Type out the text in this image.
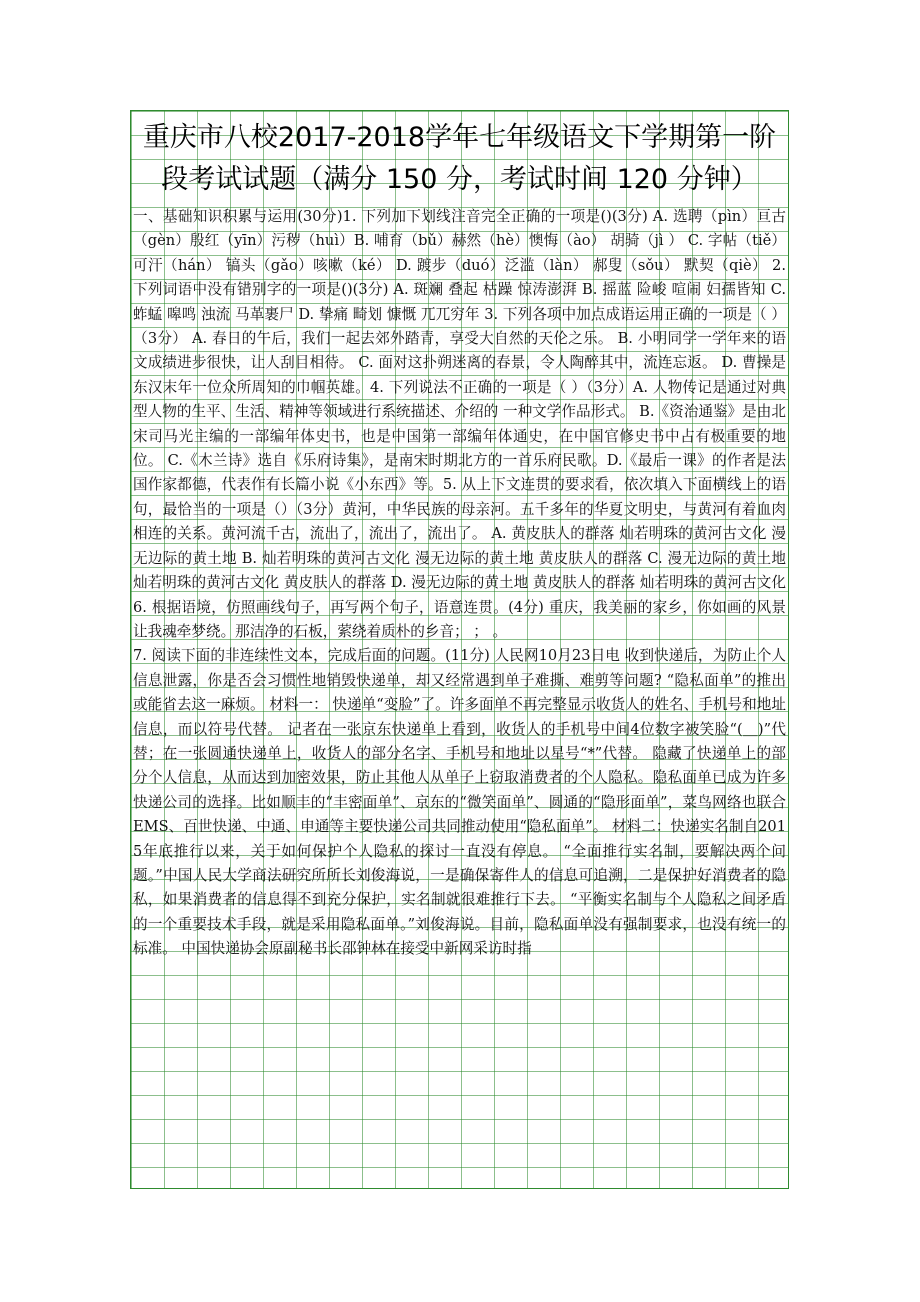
重庆市八校2017-2018学年七年级语文下学期第一阶段考试试题（满分 150 分，考试时间 120 分钟）

一、基础知识积累与运用(30分)1. 下列加下划线注音完全正确的一项是()(3分) A. 选聘（pìn）亘古（gèn）殷红（yīn）污秽（huì）B. 哺育（bǔ）赫然（hè）懊悔（ào） 胡骑（jì ） C. 字帖（tiě）可汗（hán） 镐头（gǎo）咳嗽（ké） D. 踱步（duó）泛滥（làn） 郝叟（sǒu） 默契（qiè） 2. 下列词语中没有错别字的一项是()(3分) A. 斑斓 叠起 枯躁 惊涛澎湃 B. 摇蓝 险峻 喧闹 妇孺皆知 C. 蚱蜢 嗥鸣 浊流 马革裹尸 D. 挚痛 畸划 慷慨 兀兀穷年 3. 下列各项中加点成语运用正确的一项是（ ）（3分） A. 春日的午后，我们一起去郊外踏青，享受大自然的天伦之乐。 B. 小明同学一学年来的语文成绩进步很快，让人刮目相待。 C. 面对这扑朔迷离的春景，令人陶醉其中，流连忘返。 D. 曹操是东汉末年一位众所周知的巾帼英雄。4. 下列说法不正确的一项是（ ）（3分）A. 人物传记是通过对典型人物的生平、生活、精神等领域进行系统描述、介绍的 一种文学作品形式。 B.《资治通鉴》是由北宋司马光主编的一部编年体史书，也是中国第一部编年体通史，在中国官修史书中占有极重要的地位。 C.《木兰诗》选自《乐府诗集》，是南宋时期北方的一首乐府民歌。D.《最后一课》的作者是法国作家都德，代表作有长篇小说《小东西》等。5. 从上下文连贯的要求看，依次填入下面横线上的语句，最恰当的一项是（）（3分）黄河，中华民族的母亲河。五千多年的华夏文明史，与黄河有着血肉相连的关系。黄河流千古，流出了，流出了，流出了。 A. 黄皮肤人的群落 灿若明珠的黄河古文化 漫无边际的黄土地 B. 灿若明珠的黄河古文化 漫无边际的黄土地 黄皮肤人的群落 C. 漫无边际的黄土地 灿若明珠的黄河古文化 黄皮肤人的群落 D. 漫无边际的黄土地 黄皮肤人的群落 灿若明珠的黄河古文化6. 根据语境，仿照画线句子，再写两个句子，语意连贯。(4分) 重庆，我美丽的家乡，你如画的风景让我魂牵梦绕。那洁净的石板，萦绕着质朴的乡音； ； 。

7. 阅读下面的非连续性文本，完成后面的问题。(11分) 人民网10月23日电 收到快递后，为防止个人信息泄露，你是否会习惯性地销毁快递单，却又经常遇到单子难撕、难剪等问题? “隐私面单”的推出或能省去这一麻烦。 材料一： 快递单“变脸”了。许多面单不再完整显示收货人的姓名、手机号和地址信息，而以符号代替。 记者在一张京东快递单上看到，收货人的手机号中间4位数字被笑脸“(＿)”代替；在一张圆通快递单上，收货人的部分名字、手机号和地址以星号“*”代替。 隐藏了快递单上的部分个人信息，从而达到加密效果，防止其他人从单子上窃取消费者的个人隐私。隐私面单已成为许多快递公司的选择。比如顺丰的“丰密面单”、京东的“微笑面单”、圆通的“隐形面单”，菜鸟网络也联合EMS、百世快递、中通、申通等主要快递公司共同推动使用“隐私面单”。 材料二：快递实名制自2015年底推行以来，关于如何保护个人隐私的探讨一直没有停息。 “全面推行实名制，要解决两个问题。”中国人民大学商法研究所所长刘俊海说，一是确保寄件人的信息可追溯，二是保护好消费者的隐私，如果消费者的信息得不到充分保护，实名制就很难推行下去。 “平衡实名制与个人隐私之间矛盾的一个重要技术手段，就是采用隐私面单。”刘俊海说。目前，隐私面单没有强制要求，也没有统一的标准。 中国快递协会原副秘书长邵钟林在接受中新网采访时指
